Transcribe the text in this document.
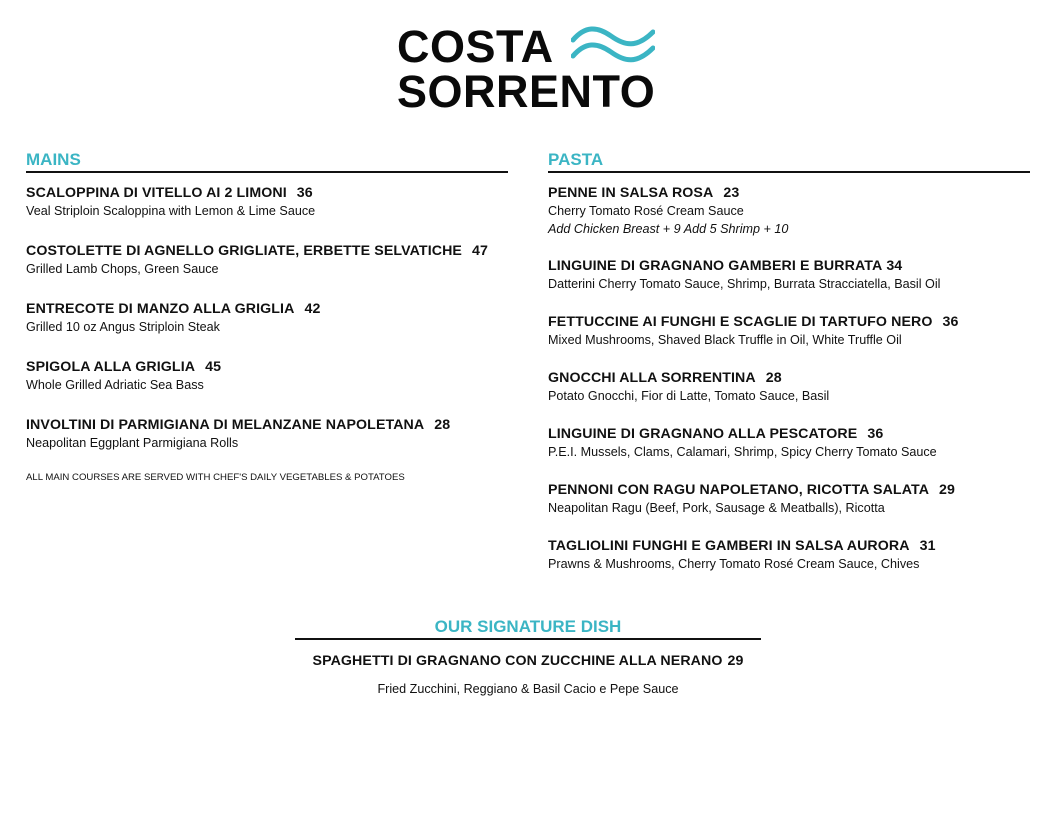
COSTA
SORRENTO
MAINS
SCALOPPINA DI VITELLO AI 2 LIMONI 36
Veal Striploin Scaloppina with Lemon & Lime Sauce
COSTOLETTE DI AGNELLO GRIGLIATE, ERBETTE SELVATICHE 47
Grilled Lamb Chops, Green Sauce
ENTRECOTE DI MANZO ALLA GRIGLIA 42
Grilled 10 oz Angus Striploin Steak
SPIGOLA ALLA GRIGLIA 45
Whole Grilled Adriatic Sea Bass
INVOLTINI DI PARMIGIANA DI MELANZANE NAPOLETANA 28
Neapolitan Eggplant Parmigiana Rolls
ALL MAIN COURSES ARE SERVED WITH CHEF'S DAILY VEGETABLES & POTATOES
PASTA
PENNE IN SALSA ROSA 23
Cherry Tomato Rosé Cream Sauce
Add Chicken Breast + 9 Add 5 Shrimp + 10
LINGUINE DI GRAGNANO GAMBERI E BURRATA 34
Datterini Cherry Tomato Sauce, Shrimp, Burrata Stracciatella, Basil Oil
FETTUCCINE AI FUNGHI E SCAGLIE DI TARTUFO NERO 36
Mixed Mushrooms, Shaved Black Truffle in Oil, White Truffle Oil
GNOCCHI ALLA SORRENTINA 28
Potato Gnocchi, Fior di Latte, Tomato Sauce, Basil
LINGUINE DI GRAGNANO ALLA PESCATORE 36
P.E.I. Mussels, Clams, Calamari, Shrimp, Spicy Cherry Tomato Sauce
PENNONI CON RAGU NAPOLETANO, RICOTTA SALATA 29
Neapolitan Ragu (Beef, Pork, Sausage & Meatballs), Ricotta
TAGLIOLINI FUNGHI E GAMBERI IN SALSA AURORA 31
Prawns & Mushrooms, Cherry Tomato Rosé Cream Sauce, Chives
OUR SIGNATURE DISH
SPAGHETTI DI GRAGNANO CON ZUCCHINE ALLA NERANO 29
Fried Zucchini, Reggiano & Basil Cacio e Pepe Sauce
